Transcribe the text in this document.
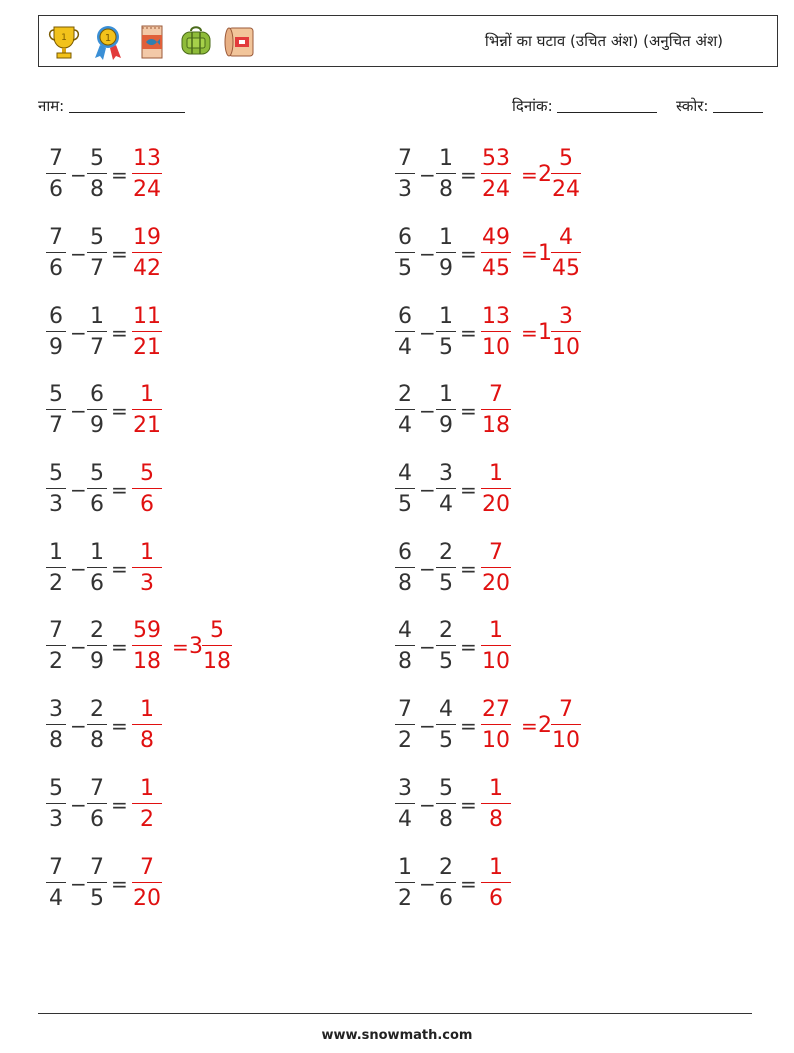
1	1	भिन्नों का घटाव (उचित अंश) (अनुचित अंश)
नाम:	दिनांक:	स्कोर:
$\frac{7}{6} - \frac{5}{8} = \frac{13}{24}$	$\frac{7}{3} - \frac{1}{8} = \frac{53}{24} = 2 \frac{5}{24}$
$\frac{7}{6} - \frac{5}{7} = \frac{19}{42}$	$\frac{6}{5} - \frac{1}{9} = \frac{49}{45} = 1 \frac{4}{45}$
$\frac{6}{9} - \frac{1}{7} = \frac{11}{21}$	$\frac{6}{4} - \frac{1}{5} = \frac{13}{10} = 1 \frac{3}{10}$
$\frac{5}{7} - \frac{6}{9} = \frac{1}{21}$	$\frac{2}{4} - \frac{1}{9} = \frac{7}{18}$
$\frac{5}{3} - \frac{5}{6} = \frac{5}{6}$	$\frac{4}{5} - \frac{3}{4} = \frac{1}{20}$
$\frac{1}{2} - \frac{1}{6} = \frac{1}{3}$	$\frac{6}{8} - \frac{2}{5} = \frac{7}{20}$
$\frac{7}{2} - \frac{2}{9} = \frac{59}{18} = 3 \frac{5}{18}$	$\frac{4}{8} - \frac{2}{5} = \frac{1}{10}$
$\frac{3}{8} - \frac{2}{8} = \frac{1}{8}$	$\frac{7}{2} - \frac{4}{5} = \frac{27}{10} = 2 \frac{7}{10}$
$\frac{5}{3} - \frac{7}{6} = \frac{1}{2}$	$\frac{3}{4} - \frac{5}{8} = \frac{1}{8}$
$\frac{7}{4} - \frac{7}{5} = \frac{7}{20}$	$\frac{1}{2} - \frac{2}{6} = \frac{1}{6}$
www.snowmath.com
